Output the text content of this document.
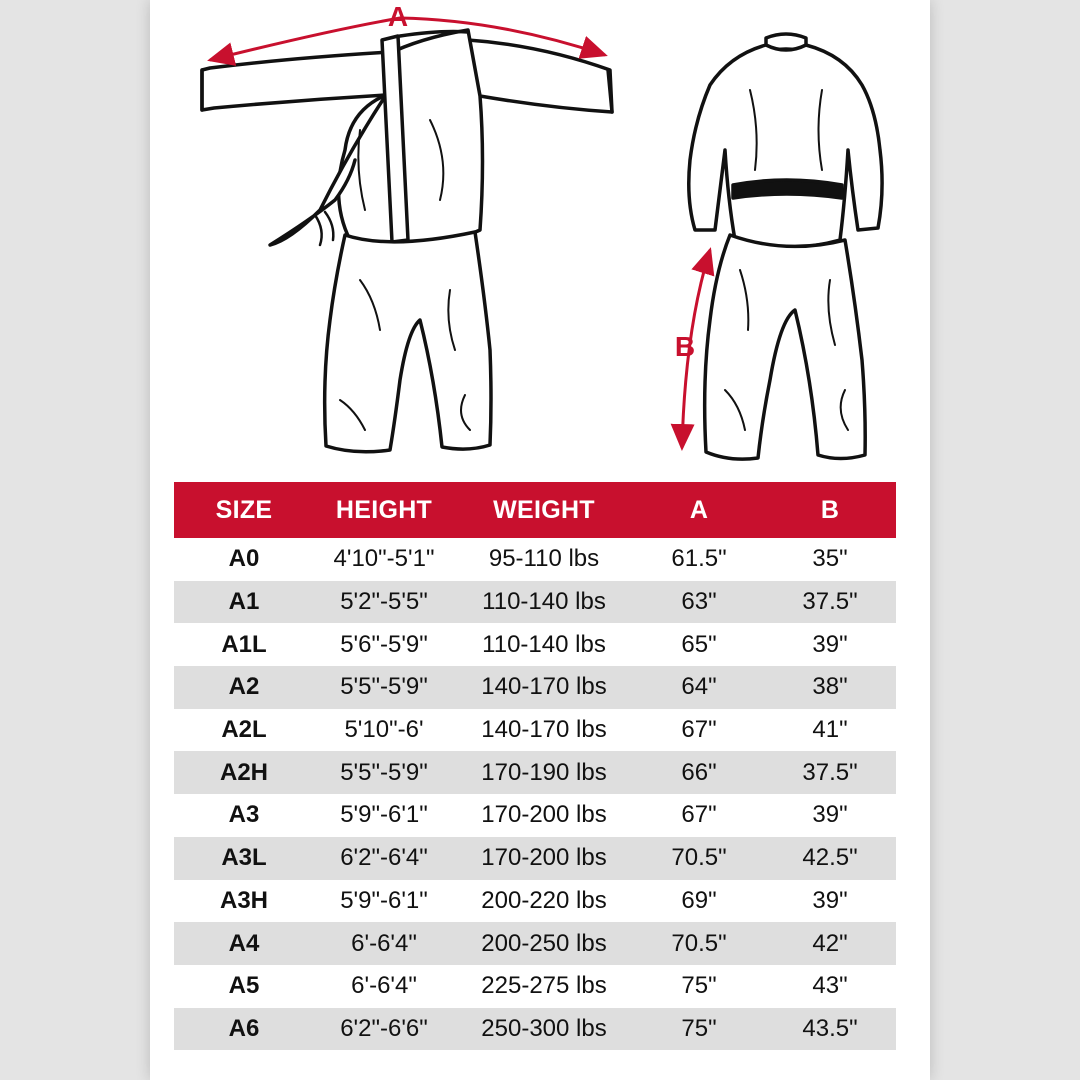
A
B
SIZE	HEIGHT	WEIGHT	A	B
A0	4'10"-5'1"	95-110 lbs	61.5"	35"
A1	5'2"-5'5"	110-140 lbs	63"	37.5"
A1L	5'6"-5'9"	110-140 lbs	65"	39"
A2	5'5"-5'9"	140-170 lbs	64"	38"
A2L	5'10"-6'	140-170 lbs	67"	41"
A2H	5'5"-5'9"	170-190 lbs	66"	37.5"
A3	5'9"-6'1"	170-200 lbs	67"	39"
A3L	6'2"-6'4"	170-200 lbs	70.5"	42.5"
A3H	5'9"-6'1"	200-220 lbs	69"	39"
A4	6'-6'4"	200-250 lbs	70.5"	42"
A5	6'-6'4"	225-275 lbs	75"	43"
A6	6'2"-6'6"	250-300 lbs	75"	43.5"
